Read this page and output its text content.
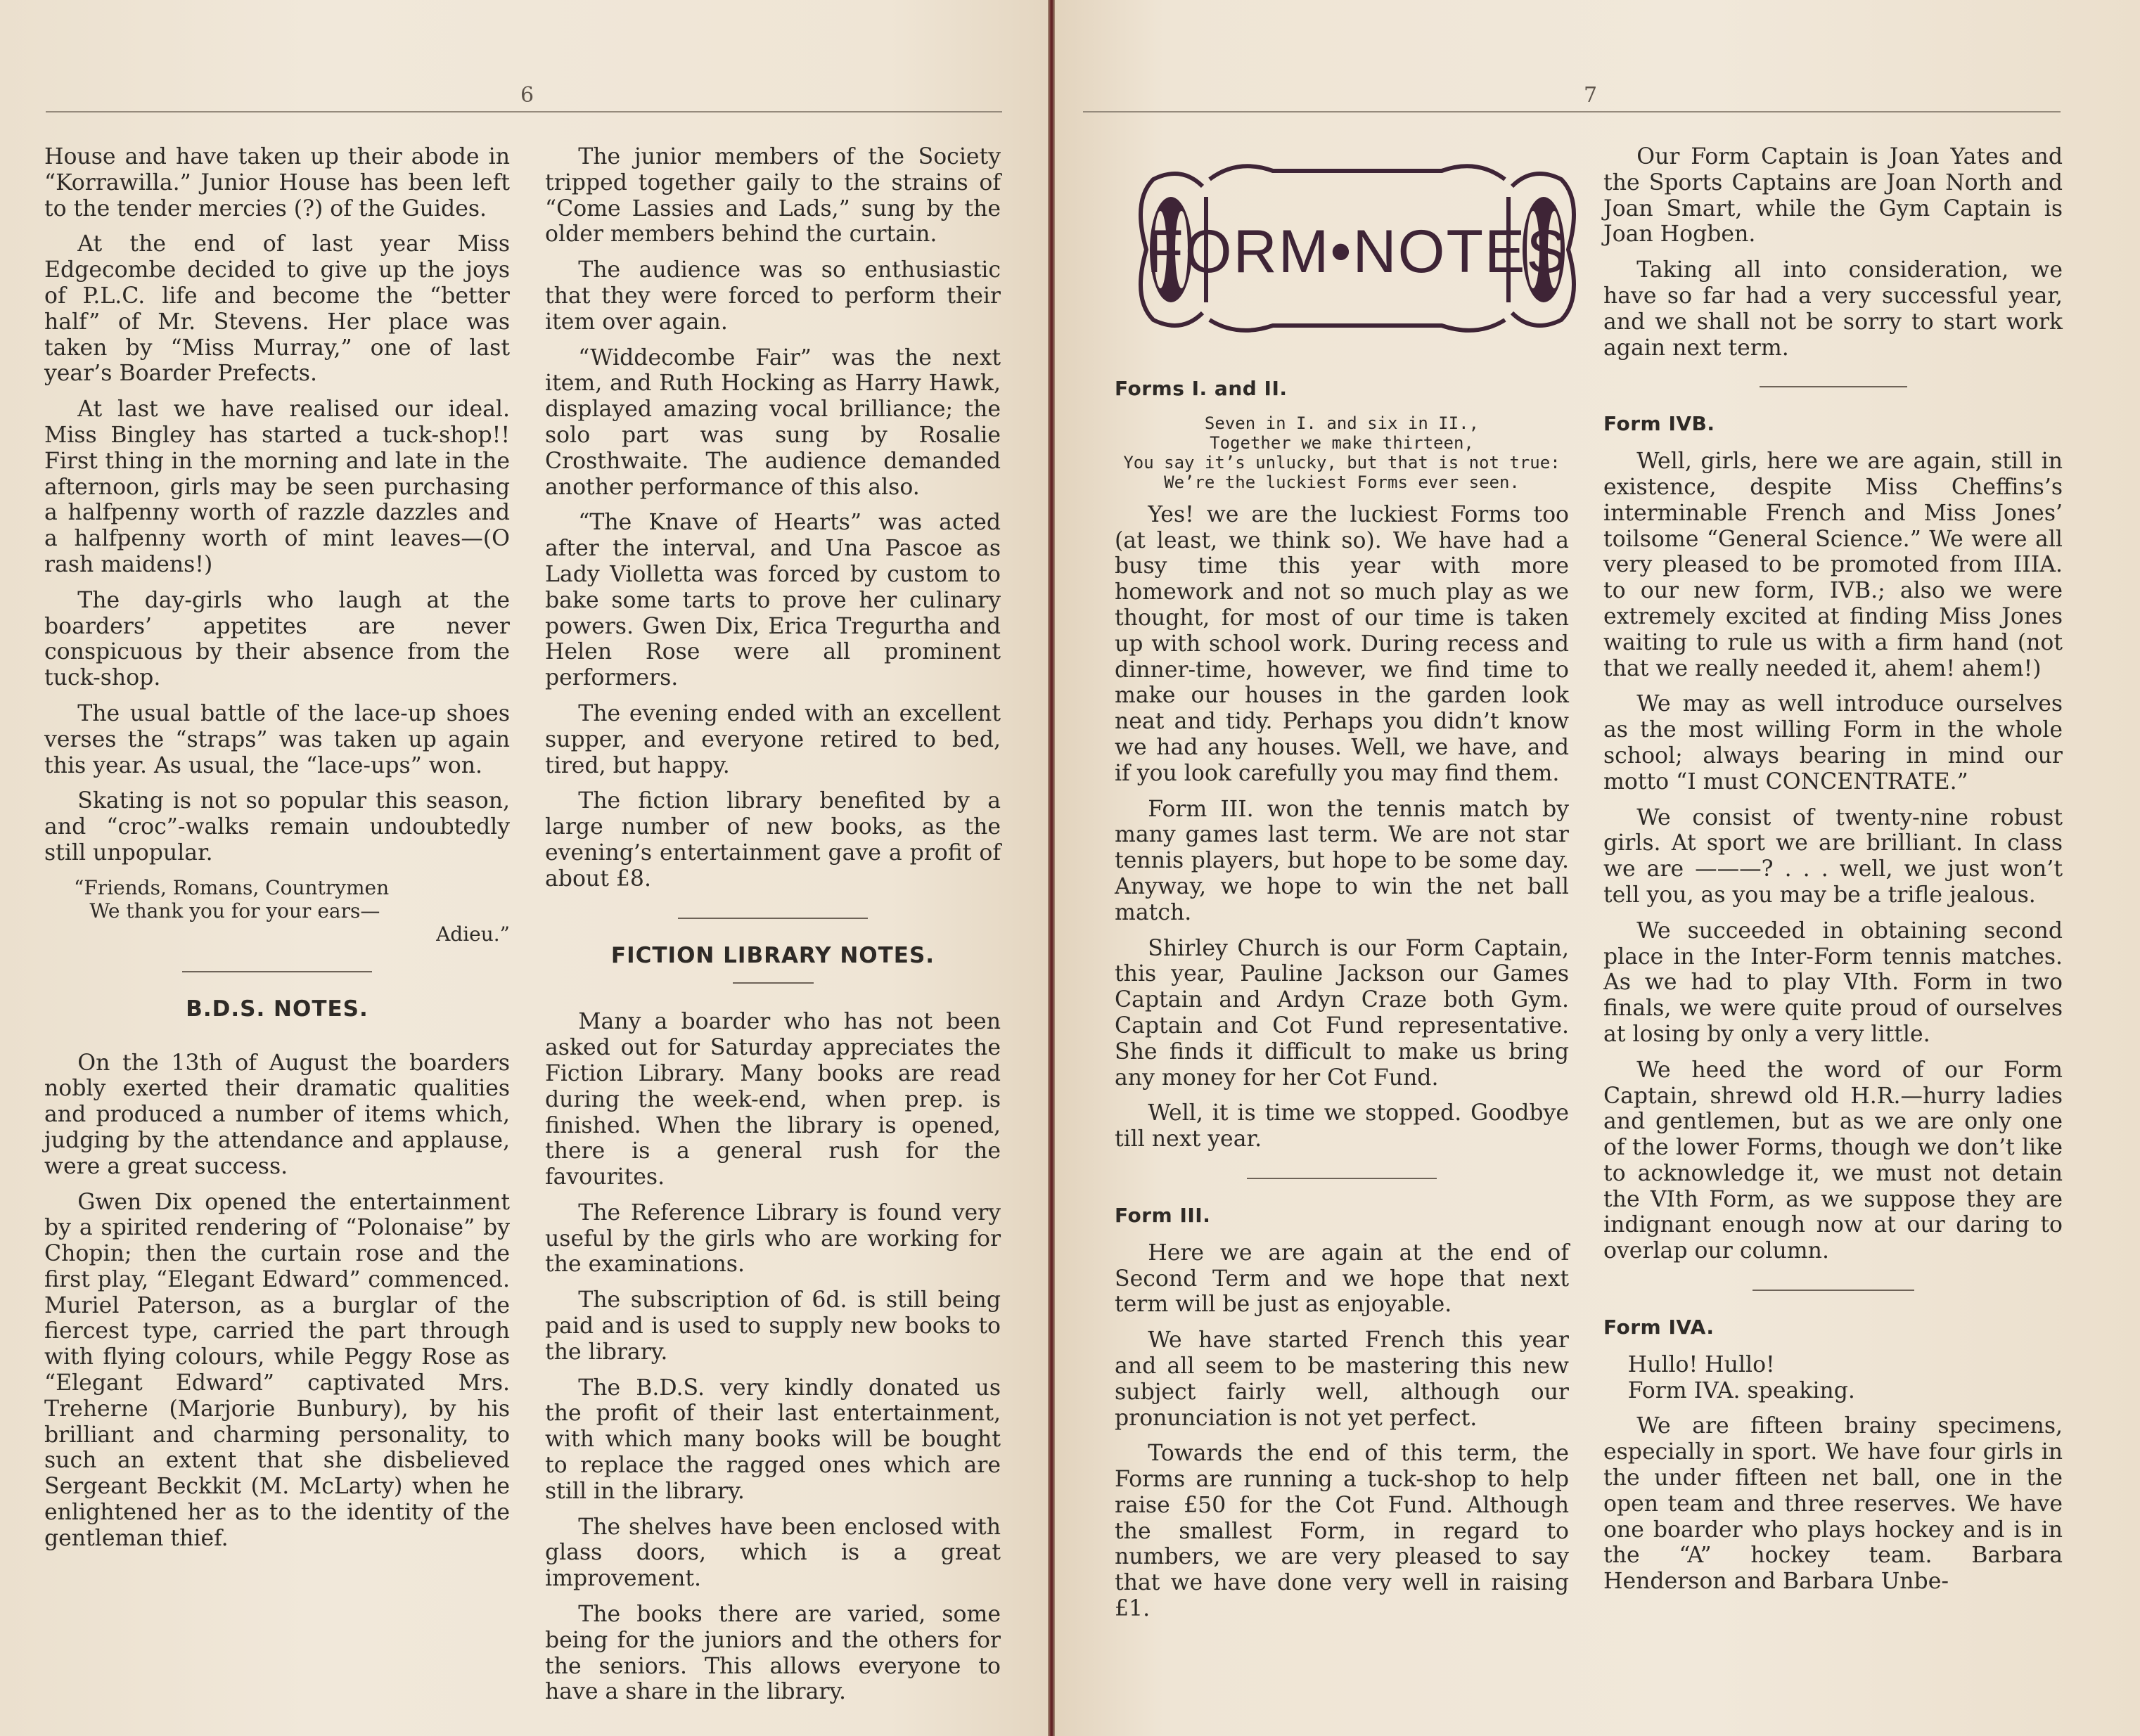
6

House and have taken up their abode in “Korrawilla.” Junior House has been left to the tender mercies (?) of the Guides.

At the end of last year Miss Edgecombe decided to give up the joys of P.L.C. life and become the “better half” of Mr. Stevens. Her place was taken by “Miss Murray,” one of last year’s Boarder Prefects.

At last we have realised our ideal. Miss Bingley has started a tuck-shop!! First thing in the morning and late in the afternoon, girls may be seen purchasing a halfpenny worth of razzle dazzles and a halfpenny worth of mint leaves—(O rash maidens!)

The day-girls who laugh at the boarders’ appetites are never conspicuous by their absence from the tuck-shop.

The usual battle of the lace-up shoes verses the “straps” was taken up again this year. As usual, the “lace-ups” won.

Skating is not so popular this season, and “croc”-walks remain undoubtedly still unpopular.

“Friends, Romans, Countrymen
We thank you for your ears—
Adieu.”
B.D.S. NOTES.

On the 13th of August the boarders nobly exerted their dramatic qualities and produced a number of items which, judging by the attendance and applause, were a great success.

Gwen Dix opened the entertainment by a spirited rendering of “Polonaise” by Chopin; then the curtain rose and the first play, “Elegant Edward” commenced. Muriel Paterson, as a burglar of the fiercest type, carried the part through with flying colours, while Peggy Rose as “Elegant Edward” captivated Mrs. Treherne (Marjorie Bunbury), by his brilliant and charming personality, to such an extent that she disbelieved Sergeant Beckkit (M. McLarty) when he enlightened her as to the identity of the gentleman thief.

The junior members of the Society tripped together gaily to the strains of “Come Lassies and Lads,” sung by the older members behind the curtain.

The audience was so enthusiastic that they were forced to perform their item over again.

“Widdecombe Fair” was the next item, and Ruth Hocking as Harry Hawk, displayed amazing vocal brilliance; the solo part was sung by Rosalie Crosthwaite. The audience demanded another performance of this also.

“The Knave of Hearts” was acted after the interval, and Una Pascoe as Lady Violletta was forced by custom to bake some tarts to prove her culinary powers. Gwen Dix, Erica Tregurtha and Helen Rose were all prominent performers.

The evening ended with an excellent supper, and everyone retired to bed, tired, but happy.

The fiction library benefited by a large number of new books, as the evening’s entertainment gave a profit of about £8.

FICTION LIBRARY NOTES.

Many a boarder who has not been asked out for Saturday appreciates the Fiction Library. Many books are read during the week-end, when prep. is finished. When the library is opened, there is a general rush for the favourites.

The Reference Library is found very useful by the girls who are working for the examinations.

The subscription of 6d. is still being paid and is used to supply new books to the library.

The B.D.S. very kindly donated us the profit of their last entertainment, with which many books will be bought to replace the ragged ones which are still in the library.

The shelves have been enclosed with glass doors, which is a great improvement.

The books there are varied, some being for the juniors and the others for the seniors. This allows everyone to have a share in the library.

7
FORM•NOTES
Forms I. and II.
Seven in I. and six in II.,
Together we make thirteen,
You say it’s unlucky, but that is not true:
We’re the luckiest Forms ever seen.

Yes! we are the luckiest Forms too (at least, we think so). We have had a busy time this year with more homework and not so much play as we thought, for most of our time is taken up with school work. During recess and dinner-time, however, we find time to make our houses in the garden look neat and tidy. Perhaps you didn’t know we had any houses. Well, we have, and if you look carefully you may find them.

Form III. won the tennis match by many games last term. We are not star tennis players, but hope to be some day. Anyway, we hope to win the net ball match.

Shirley Church is our Form Captain, this year, Pauline Jackson our Games Captain and Ardyn Craze both Gym. Captain and Cot Fund representative. She finds it difficult to make us bring any money for her Cot Fund.

Well, it is time we stopped. Goodbye till next year.

Form III.

Here we are again at the end of Second Term and we hope that next term will be just as enjoyable.

We have started French this year and all seem to be mastering this new subject fairly well, although our pronunciation is not yet perfect.

Towards the end of this term, the Forms are running a tuck-shop to help raise £50 for the Cot Fund. Although the smallest Form, in regard to numbers, we are very pleased to say that we have done very well in raising £1.

Our Form Captain is Joan Yates and the Sports Captains are Joan North and Joan Smart, while the Gym Captain is Joan Hogben.

Taking all into consideration, we have so far had a very successful year, and we shall not be sorry to start work again next term.

Form IVB.

Well, girls, here we are again, still in existence, despite Miss Cheffins’s interminable French and Miss Jones’ toilsome “General Science.” We were all very pleased to be promoted from IIIA. to our new form, IVB.; also we were extremely excited at finding Miss Jones waiting to rule us with a firm hand (not that we really needed it, ahem! ahem!)

We may as well introduce ourselves as the most willing Form in the whole school; always bearing in mind our motto “I must CONCENTRATE.”

We consist of twenty-nine robust girls. At sport we are brilliant. In class we are ———? . . . well, we just won’t tell you, as you may be a trifle jealous.

We succeeded in obtaining second place in the Inter-Form tennis matches. As we had to play VIth. Form in two finals, we were quite proud of ourselves at losing by only a very little.

We heed the word of our Form Captain, shrewd old H.R.—hurry ladies and gentlemen, but as we are only one of the lower Forms, though we don’t like to acknowledge it, we must not detain the VIth Form, as we suppose they are indignant enough now at our daring to overlap our column.

Form IVA.

Hullo! Hullo!

Form IVA. speaking.

We are fifteen brainy specimens, especially in sport. We have four girls in the under fifteen net ball, one in the open team and three reserves. We have one boarder who plays hockey and is in the “A” hockey team. Barbara Henderson and Barbara Unbe-
